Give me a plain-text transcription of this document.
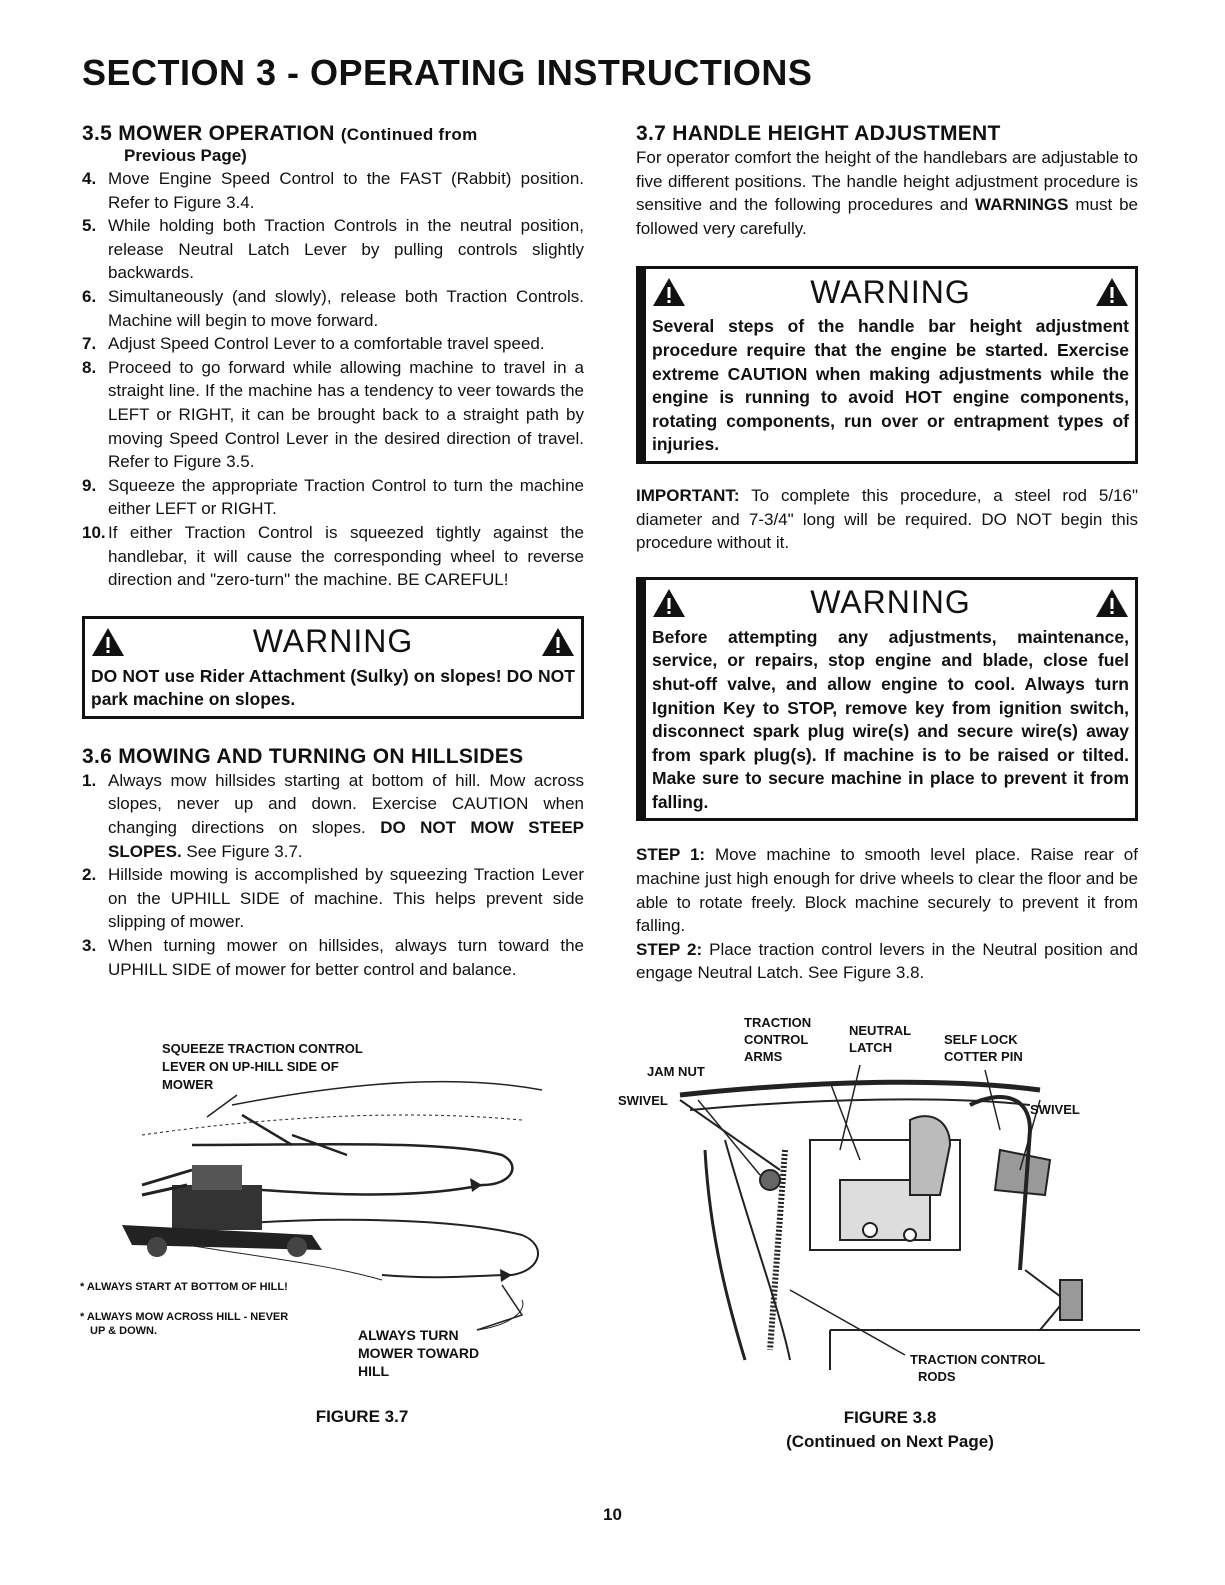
SECTION 3 - OPERATING INSTRUCTIONS
3.5 MOWER OPERATION (Continued from
Previous Page)
4. Move Engine Speed Control to the FAST (Rabbit) position. Refer to Figure 3.4.
5. While holding both Traction Controls in the neutral position, release Neutral Latch Lever by pulling controls slightly backwards.
6. Simultaneously (and slowly), release both Traction Controls. Machine will begin to move forward.
7. Adjust Speed Control Lever to a comfortable travel speed.
8. Proceed to go forward while allowing machine to travel in a straight line. If the machine has a tendency to veer towards the LEFT or RIGHT, it can be brought back to a straight path by moving Speed Control Lever in the desired direction of travel. Refer to Figure 3.5.
9. Squeeze the appropriate Traction Control to turn the machine either LEFT or RIGHT.
10. If either Traction Control is squeezed tightly against the handlebar, it will cause the corresponding wheel to reverse direction and "zero-turn" the machine. BE CAREFUL!
WARNING
DO NOT use Rider Attachment (Sulky) on slopes! DO NOT park machine on slopes.
3.6 MOWING AND TURNING ON HILLSIDES
1. Always mow hillsides starting at bottom of hill. Mow across slopes, never up and down. Exercise CAUTION when changing directions on slopes. DO NOT MOW STEEP SLOPES. See Figure 3.7.
2. Hillside mowing is accomplished by squeezing Traction Lever on the UPHILL SIDE of machine. This helps prevent side slipping of mower.
3. When turning mower on hillsides, always turn toward the UPHILL SIDE of mower for better control and balance.
SQUEEZE TRACTION CONTROL
LEVER ON UP-HILL SIDE OF
MOWER
* ALWAYS START AT BOTTOM OF HILL!
* ALWAYS MOW ACROSS HILL - NEVER
UP & DOWN.	ALWAYS TURN
MOWER TOWARD
HILL
FIGURE 3.7
3.7 HANDLE HEIGHT ADJUSTMENT

For operator comfort the height of the handlebars are adjustable to five different positions. The handle height adjustment procedure is sensitive and the following procedures and WARNINGS must be followed very carefully.

WARNING
Several steps of the handle bar height adjustment procedure require that the engine be started. Exercise extreme CAUTION when making adjustments while the engine is running to avoid HOT engine components, rotating components, run over or entrapment types of injuries.

IMPORTANT: To complete this procedure, a steel rod 5/16" diameter and 7-3/4" long will be required. DO NOT begin this procedure without it.

WARNING
Before attempting any adjustments, maintenance, service, or repairs, stop engine and blade, close fuel shut-off valve, and allow engine to cool. Always turn Ignition Key to STOP, remove key from ignition switch, disconnect spark plug wire(s) and secure wire(s) away from spark plug(s). If machine is to be raised or tilted. Make sure to secure machine in place to prevent it from falling.

STEP 1: Move machine to smooth level place. Raise rear of machine just high enough for drive wheels to clear the floor and be able to rotate freely. Block machine securely to prevent it from falling.

STEP 2: Place traction control levers in the Neutral position and engage Neutral Latch. See Figure 3.8.

TRACTION
CONTROL
ARMS
NEUTRAL
LATCH
SELF LOCK
COTTER PIN
JAM NUT
SWIVEL
SWIVEL
TRACTION CONTROL
RODS
FIGURE 3.8
(Continued on Next Page)
10
